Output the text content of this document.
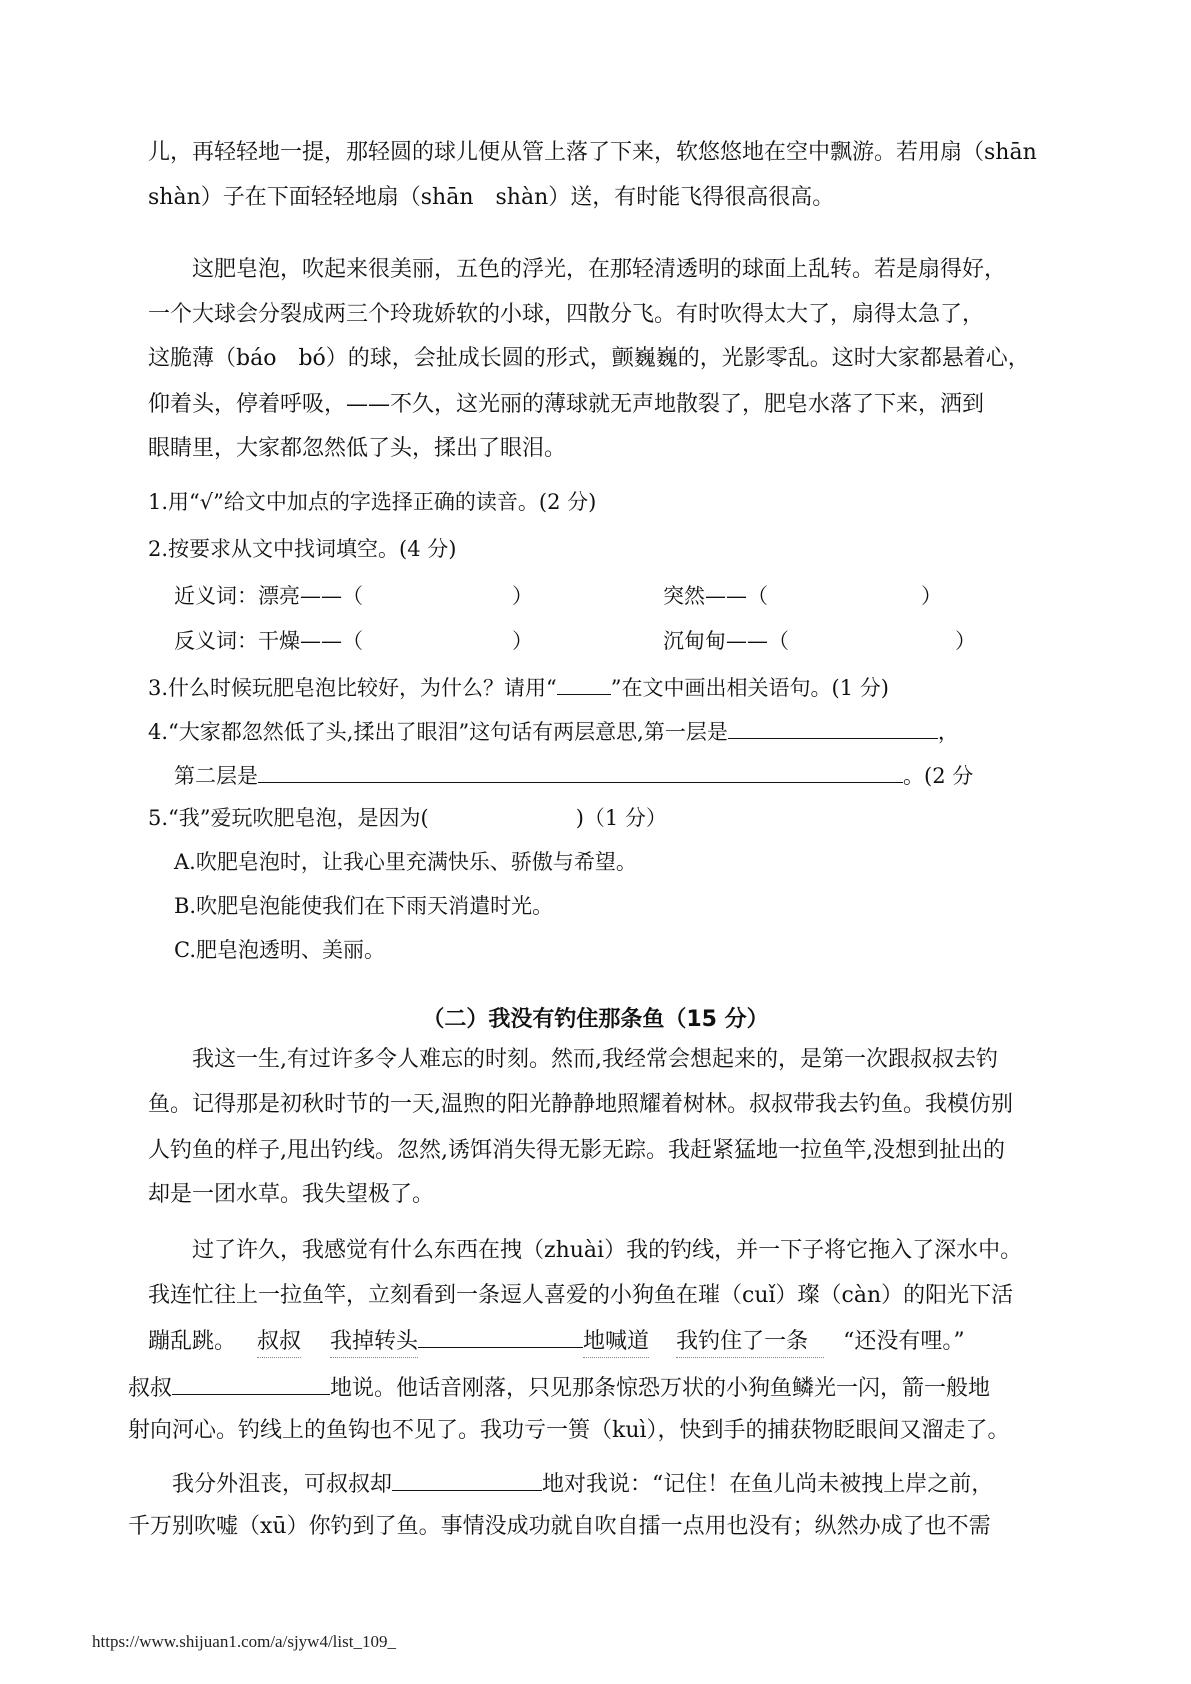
儿，再轻轻地一提，那轻圆的球儿便从管上落了下来，软悠悠地在空中飘游。若用扇（shān
shàn）子在下面轻轻地扇（shān　shàn）送，有时能飞得很高很高。
　　这肥皂泡，吹起来很美丽，五色的浮光，在那轻清透明的球面上乱转。若是扇得好，
一个大球会分裂成两三个玲珑娇软的小球，四散分飞。有时吹得太大了，扇得太急了，
这脆薄（báo　bó）的球，会扯成长圆的形式，颤巍巍的，光影零乱。这时大家都悬着心，
仰着头，停着呼吸，——不久，这光丽的薄球就无声地散裂了，肥皂水落了下来，洒到
眼睛里，大家都忽然低了头，揉出了眼泪。
1.用“√”给文中加点的字选择正确的读音。(2 分)
2.按要求从文中找词填空。(4 分)
近义词：漂亮——（	）	突然——（	）
反义词：干燥——（	）	沉甸甸——（	）
3.什么时候玩肥皂泡比较好，为什么？请用“	”在文中画出相关语句。(1 分)
4.“大家都忽然低了头,揉出了眼泪”这句话有两层意思,第一层是	，
第二层是	。(2 分
5.“我”爱玩吹肥皂泡，是因为(　　　　　　　)（1 分）
A.吹肥皂泡时，让我心里充满快乐、骄傲与希望。
B.吹肥皂泡能使我们在下雨天消遣时光。
C.肥皂泡透明、美丽。
（二）我没有钓住那条鱼（15 分）
　　我这一生,有过许多令人难忘的时刻。然而,我经常会想起来的，是第一次跟叔叔去钓
鱼。记得那是初秋时节的一天,温煦的阳光静静地照耀着树林。叔叔带我去钓鱼。我模仿别
人钓鱼的样子,甩出钓线。忽然,诱饵消失得无影无踪。我赶紧猛地一拉鱼竿,没想到扯出的
却是一团水草。我失望极了。
　　过了许久，我感觉有什么东西在拽（zhuài）我的钓线，并一下子将它拖入了深水中。
我连忙往上一拉鱼竿，立刻看到一条逗人喜爱的小狗鱼在璀（cuǐ）璨（càn）的阳光下活
蹦乱跳。 叔叔 我掉转头	地喊道 我钓住了一条 “还没有哩。”
叔叔	地说。他话音刚落，只见那条惊恐万状的小狗鱼鳞光一闪，箭一般地
射向河心。钓线上的鱼钩也不见了。我功亏一篑（kuì），快到手的捕获物眨眼间又溜走了。
　　我分外沮丧，可叔叔却	地对我说：“记住！在鱼儿尚未被拽上岸之前，
千万别吹嘘（xū）你钓到了鱼。事情没成功就自吹自擂一点用也没有；纵然办成了也不需
https://www.shijuan1.com/a/sjyw4/list_109_
